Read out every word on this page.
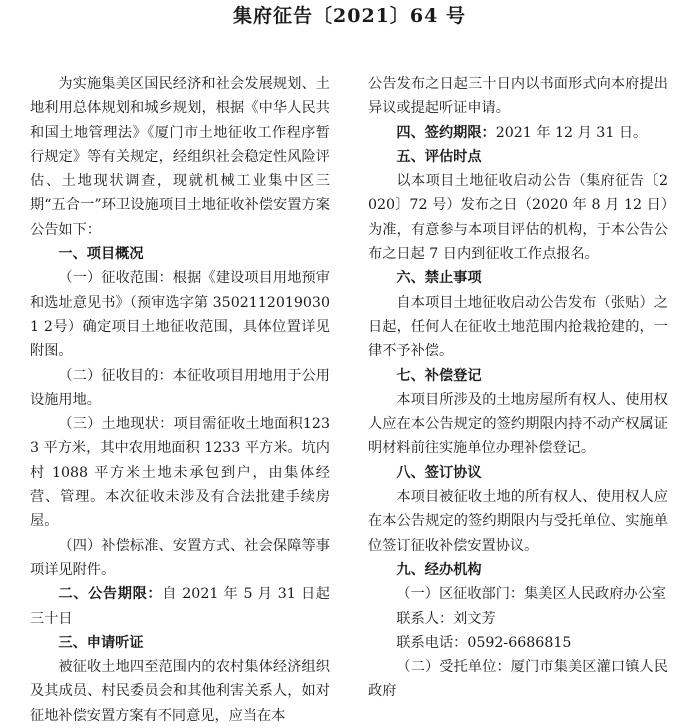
集府征告〔2021〕64 号

为实施集美区国民经济和社会发展规划、土地利用总体规划和城乡规划，根据《中华人民共和国土地管理法》《厦门市土地征收工作程序暂行规定》等有关规定，经组织社会稳定性风险评估、土地现状调查，现就机械工业集中区三期“五合一”环卫设施项目土地征收补偿安置方案公告如下：

一、项目概况

（一）征收范围：根据《建设项目用地预审和选址意见书》（预审选字第 35021120190301 2号）确定项目土地征收范围，具体位置详见附图。

（二）征收目的：本征收项目用地用于公用设施用地。

（三）土地现状：项目需征收土地面积1233 平方米，其中农用地面积 1233 平方米。坑内村 1088 平方米土地未承包到户，由集体经营、管理。本次征收未涉及有合法批建手续房屋。

（四）补偿标准、安置方式、社会保障等事项详见附件。

二、公告期限：自 2021 年 5 月 31 日起三十日

三、申请听证

被征收土地四至范围内的农村集体经济组织及其成员、村民委员会和其他利害关系人，如对征地补偿安置方案有不同意见，应当在本

公告发布之日起三十日内以书面形式向本府提出异议或提起听证申请。

四、签约期限：2021 年 12 月 31 日。

五、评估时点

以本项目土地征收启动公告（集府征告〔2020〕72 号）发布之日（2020 年 8 月 12 日）为准，有意参与本项目评估的机构，于本公告公布之日起 7 日内到征收工作点报名。

六、禁止事项

自本项目土地征收启动公告发布（张贴）之日起，任何人在征收土地范围内抢栽抢建的，一律不予补偿。

七、补偿登记

本项目所涉及的土地房屋所有权人、使用权人应在本公告规定的签约期限内持不动产权属证明材料前往实施单位办理补偿登记。

八、签订协议

本项目被征收土地的所有权人、使用权人应在本公告规定的签约期限内与受托单位、实施单位签订征收补偿安置协议。

九、经办机构

（一）区征收部门：集美区人民政府办公室

联系人：刘文芳

联系电话：0592-6686815

（二）受托单位：厦门市集美区灌口镇人民政府
